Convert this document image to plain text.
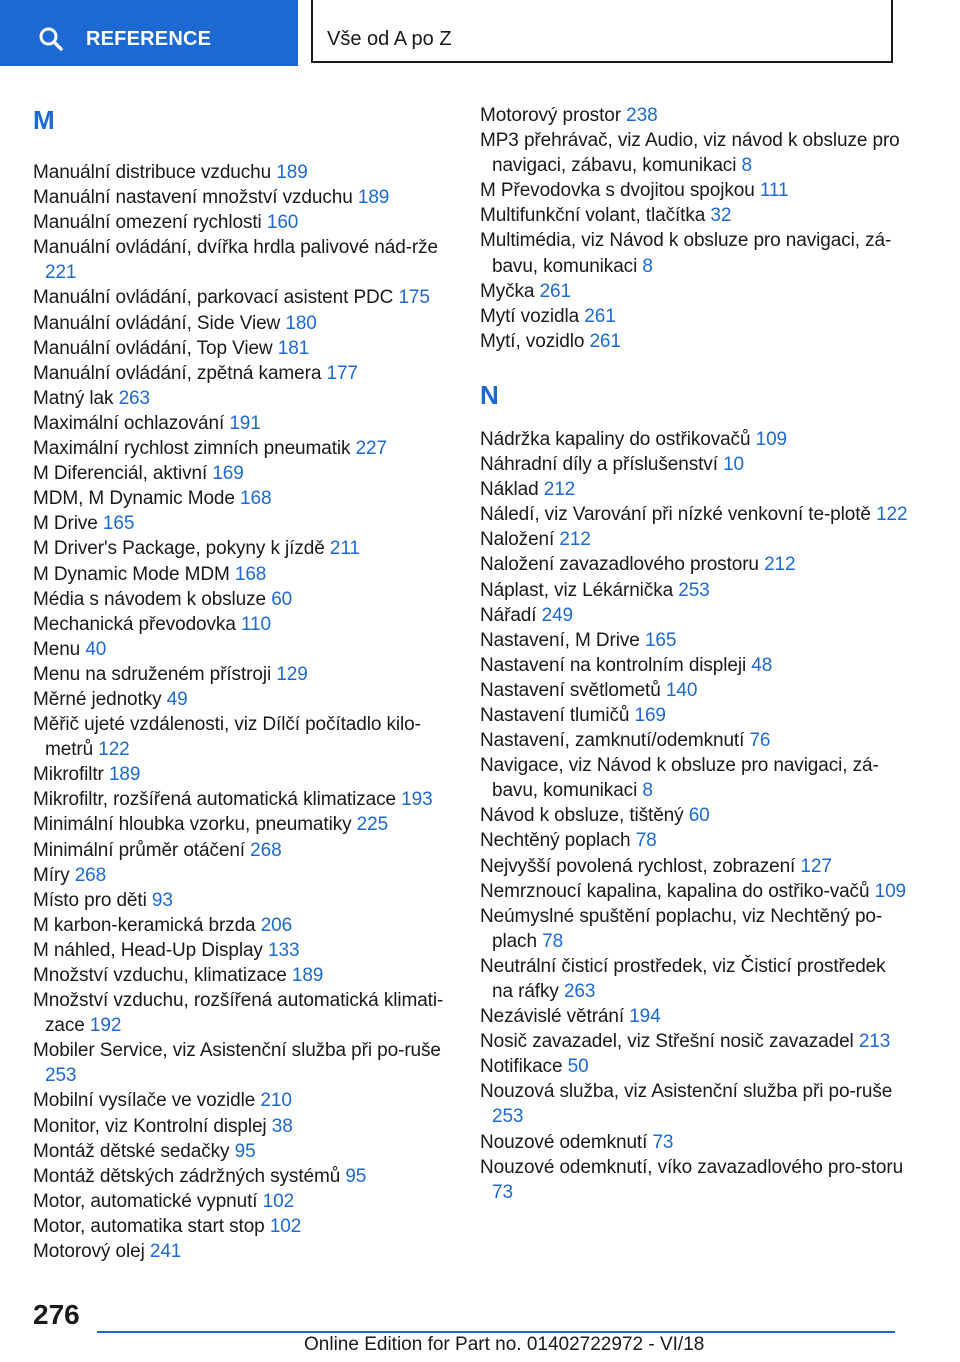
REFERENCE	Vše od A po Z
M
Manuální distribuce vzduchu 189
Manuální nastavení množství vzduchu 189
Manuální omezení rychlosti 160
Manuální ovládání, dvířka hrdla palivové nád‐rže 221
Manuální ovládání, parkovací asistent PDC 175
Manuální ovládání, Side View 180
Manuální ovládání, Top View 181
Manuální ovládání, zpětná kamera 177
Matný lak 263
Maximální ochlazování 191
Maximální rychlost zimních pneumatik 227
M Diferenciál, aktivní 169
MDM, M Dynamic Mode 168
M Drive 165
M Driver's Package, pokyny k jízdě 211
M Dynamic Mode MDM 168
Média s návodem k obsluze 60
Mechanická převodovka 110
Menu 40
Menu na sdruženém přístroji 129
Měrné jednotky 49
Měřič ujeté vzdálenosti, viz Dílčí počítadlo kilo‐metrů 122
Mikrofiltr 189
Mikrofiltr, rozšířená automatická klimatizace 193
Minimální hloubka vzorku, pneumatiky 225
Minimální průměr otáčení 268
Míry 268
Místo pro děti 93
M karbon-keramická brzda 206
M náhled, Head-Up Display 133
Množství vzduchu, klimatizace 189
Množství vzduchu, rozšířená automatická klimati‐zace 192
Mobiler Service, viz Asistenční služba při po‐ruše 253
Mobilní vysílače ve vozidle 210
Monitor, viz Kontrolní displej 38
Montáž dětské sedačky 95
Montáž dětských zádržných systémů 95
Motor, automatické vypnutí 102
Motor, automatika start stop 102
Motorový olej 241
Motorový prostor 238
MP3 přehrávač, viz Audio, viz návod k obsluze pro navigaci, zábavu, komunikaci 8
M Převodovka s dvojitou spojkou 111
Multifunkční volant, tlačítka 32
Multimédia, viz Návod k obsluze pro navigaci, zá‐bavu, komunikaci 8
Myčka 261
Mytí vozidla 261
Mytí, vozidlo 261
N
Nádržka kapaliny do ostřikovačů 109
Náhradní díly a příslušenství 10
Náklad 212
Náledí, viz Varování při nízké venkovní te‐plotě 122
Naložení 212
Naložení zavazadlového prostoru 212
Náplast, viz Lékárnička 253
Nářadí 249
Nastavení, M Drive 165
Nastavení na kontrolním displeji 48
Nastavení světlometů 140
Nastavení tlumičů 169
Nastavení, zamknutí/odemknutí 76
Navigace, viz Návod k obsluze pro navigaci, zá‐bavu, komunikaci 8
Návod k obsluze, tištěný 60
Nechtěný poplach 78
Nejvyšší povolená rychlost, zobrazení 127
Nemrznoucí kapalina, kapalina do ostřiko‐vačů 109
Neúmyslné spuštění poplachu, viz Nechtěný po‐plach 78
Neutrální čisticí prostředek, viz Čisticí prostředek na ráfky 263
Nezávislé větrání 194
Nosič zavazadel, viz Střešní nosič zavazadel 213
Notifikace 50
Nouzová služba, viz Asistenční služba při po‐ruše 253
Nouzové odemknutí 73
Nouzové odemknutí, víko zavazadlového pro‐storu 73
276
Online Edition for Part no. 01402722972 - VI/18
